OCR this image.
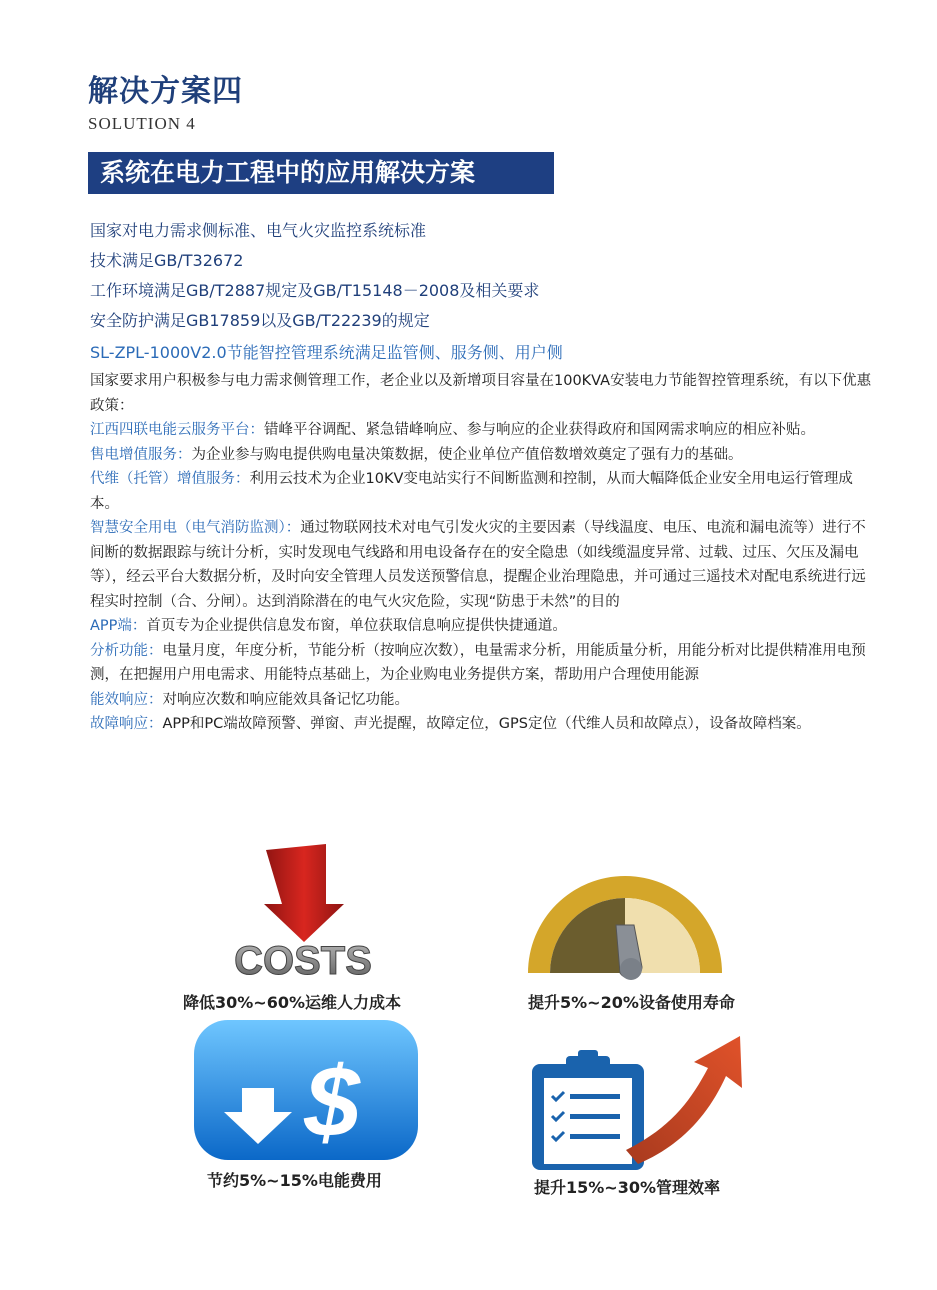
解决方案四
SOLUTION 4
系统在电力工程中的应用解决方案
国家对电力需求侧标准、电气火灾监控系统标准
技术满足GB/T32672
工作环境满足GB/T2887规定及GB/T15148－2008及相关要求
安全防护满足GB17859以及GB/T22239的规定
SL-ZPL-1000V2.0节能智控管理系统满足监管侧、服务侧、用户侧

国家要求用户积极参与电力需求侧管理工作，老企业以及新增项目容量在100KVA安装电力节能智控管理系统，有以下优惠政策：

江西四联电能云服务平台：错峰平谷调配、紧急错峰响应、参与响应的企业获得政府和国网需求响应的相应补贴。

售电增值服务：为企业参与购电提供购电量决策数据，使企业单位产值倍数增效奠定了强有力的基础。

代维（托管）增值服务：利用云技术为企业10KV变电站实行不间断监测和控制，从而大幅降低企业安全用电运行管理成本。

智慧安全用电（电气消防监测）：通过物联网技术对电气引发火灾的主要因素（导线温度、电压、电流和漏电流等）进行不间断的数据跟踪与统计分析，实时发现电气线路和用电设备存在的安全隐患（如线缆温度异常、过载、过压、欠压及漏电等），经云平台大数据分析，及时向安全管理人员发送预警信息，提醒企业治理隐患，并可通过三遥技术对配电系统进行远程实时控制（合、分闸）。达到消除潜在的电气火灾危险，实现“防患于未然”的目的

APP端：首页专为企业提供信息发布窗，单位获取信息响应提供快捷通道。

分析功能：电量月度，年度分析，节能分析（按响应次数），电量需求分析，用能质量分析，用能分析对比提供精准用电预测，在把握用户用电需求、用能特点基础上，为企业购电业务提供方案，帮助用户合理使用能源

能效响应：对响应次数和响应能效具备记忆功能。

故障响应：APP和PC端故障预警、弹窗、声光提醒，故障定位，GPS定位（代维人员和故障点），设备故障档案。

COSTS
降低30%~60%运维人力成本	提升5%~20%设备使用寿命
$
节约5%~15%电能费用	提升15%~30%管理效率
